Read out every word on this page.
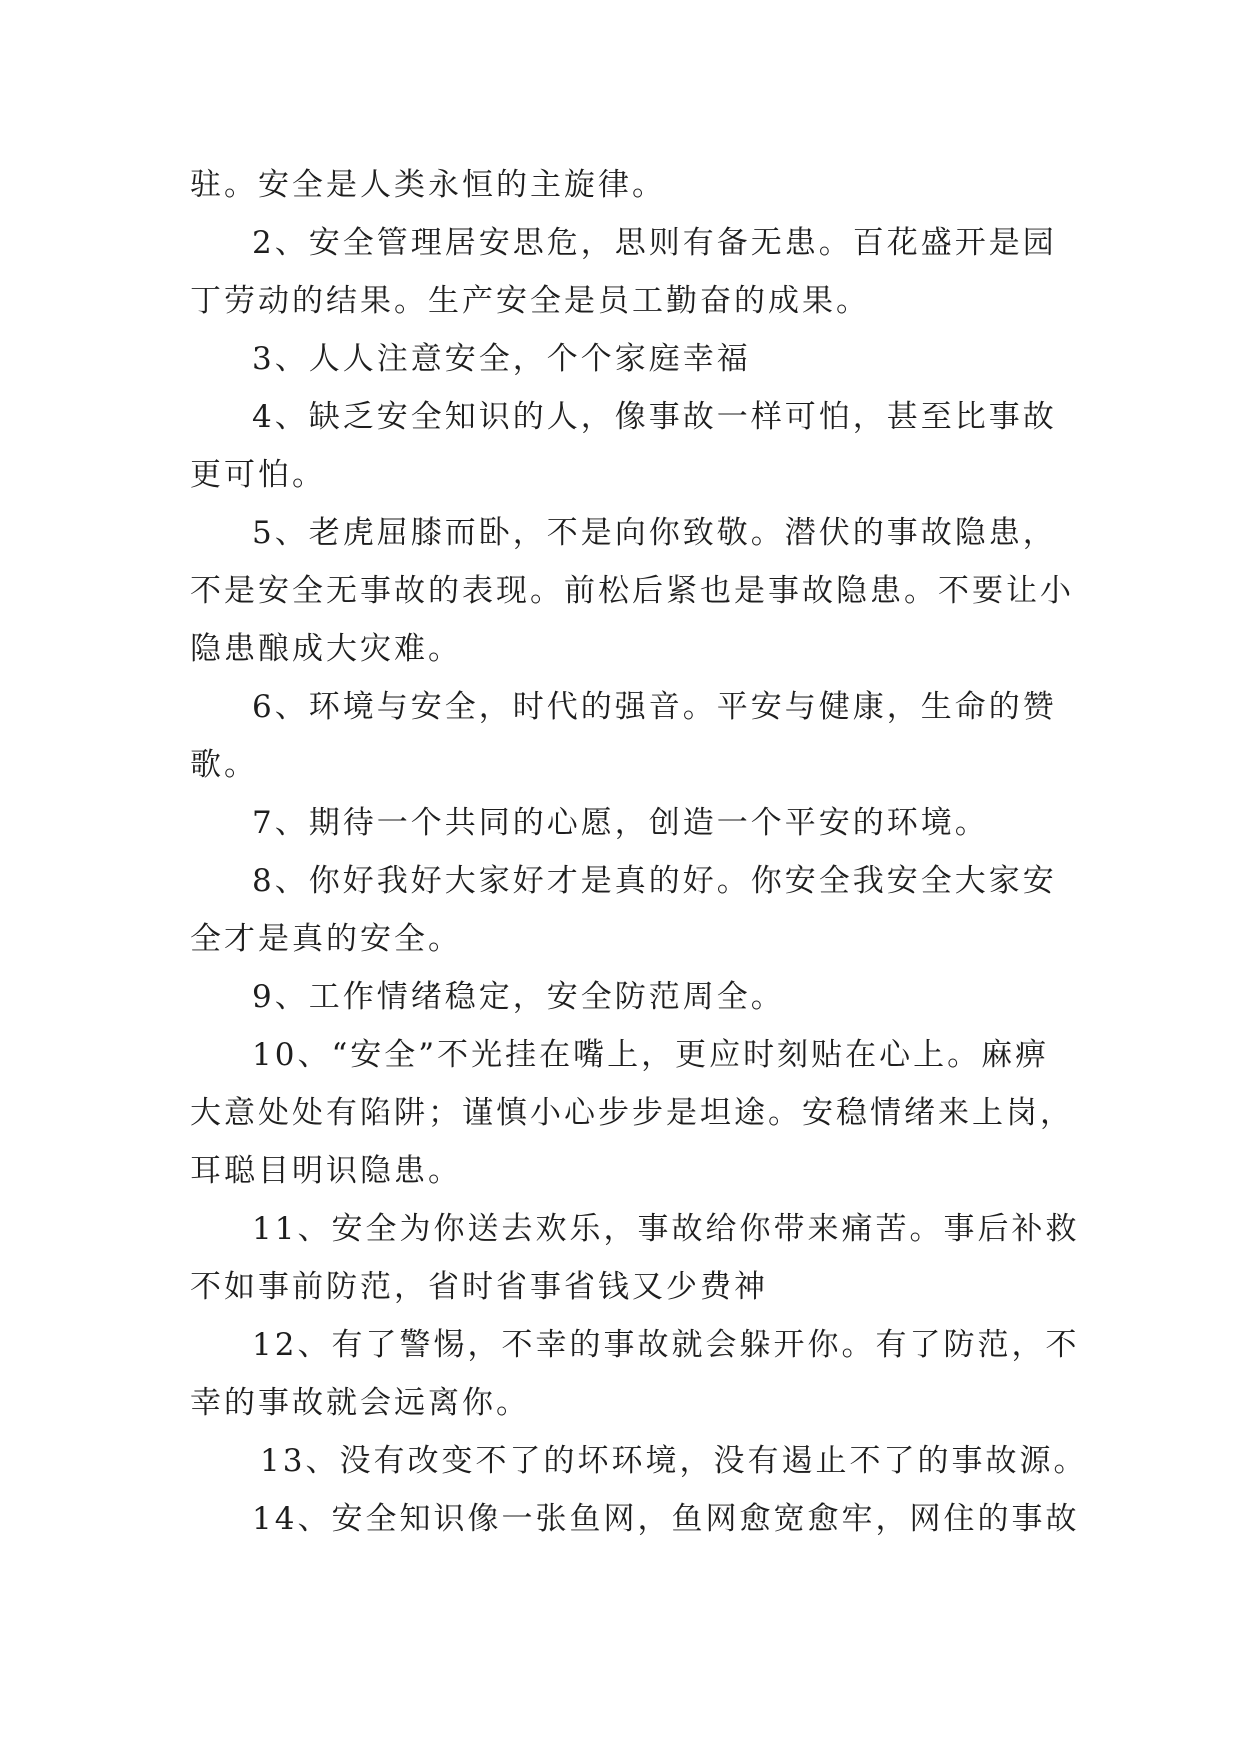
驻。安全是人类永恒的主旋律。
2、安全管理居安思危，思则有备无患。百花盛开是园
丁劳动的结果。生产安全是员工勤奋的成果。
3、人人注意安全，个个家庭幸福
4、缺乏安全知识的人，像事故一样可怕，甚至比事故
更可怕。
5、老虎屈膝而卧，不是向你致敬。潜伏的事故隐患，
不是安全无事故的表现。前松后紧也是事故隐患。不要让小
隐患酿成大灾难。
6、环境与安全，时代的强音。平安与健康，生命的赞
歌。
7、期待一个共同的心愿，创造一个平安的环境。
8、你好我好大家好才是真的好。你安全我安全大家安
全才是真的安全。
9、工作情绪稳定，安全防范周全。
10、“安全”不光挂在嘴上，更应时刻贴在心上。麻痹
大意处处有陷阱；谨慎小心步步是坦途。安稳情绪来上岗，
耳聪目明识隐患。
11、安全为你送去欢乐，事故给你带来痛苦。事后补救
不如事前防范，省时省事省钱又少费神
12、有了警惕，不幸的事故就会躲开你。有了防范，不
幸的事故就会远离你。
13、没有改变不了的坏环境，没有遏止不了的事故源。
14、安全知识像一张鱼网，鱼网愈宽愈牢，网住的事故
